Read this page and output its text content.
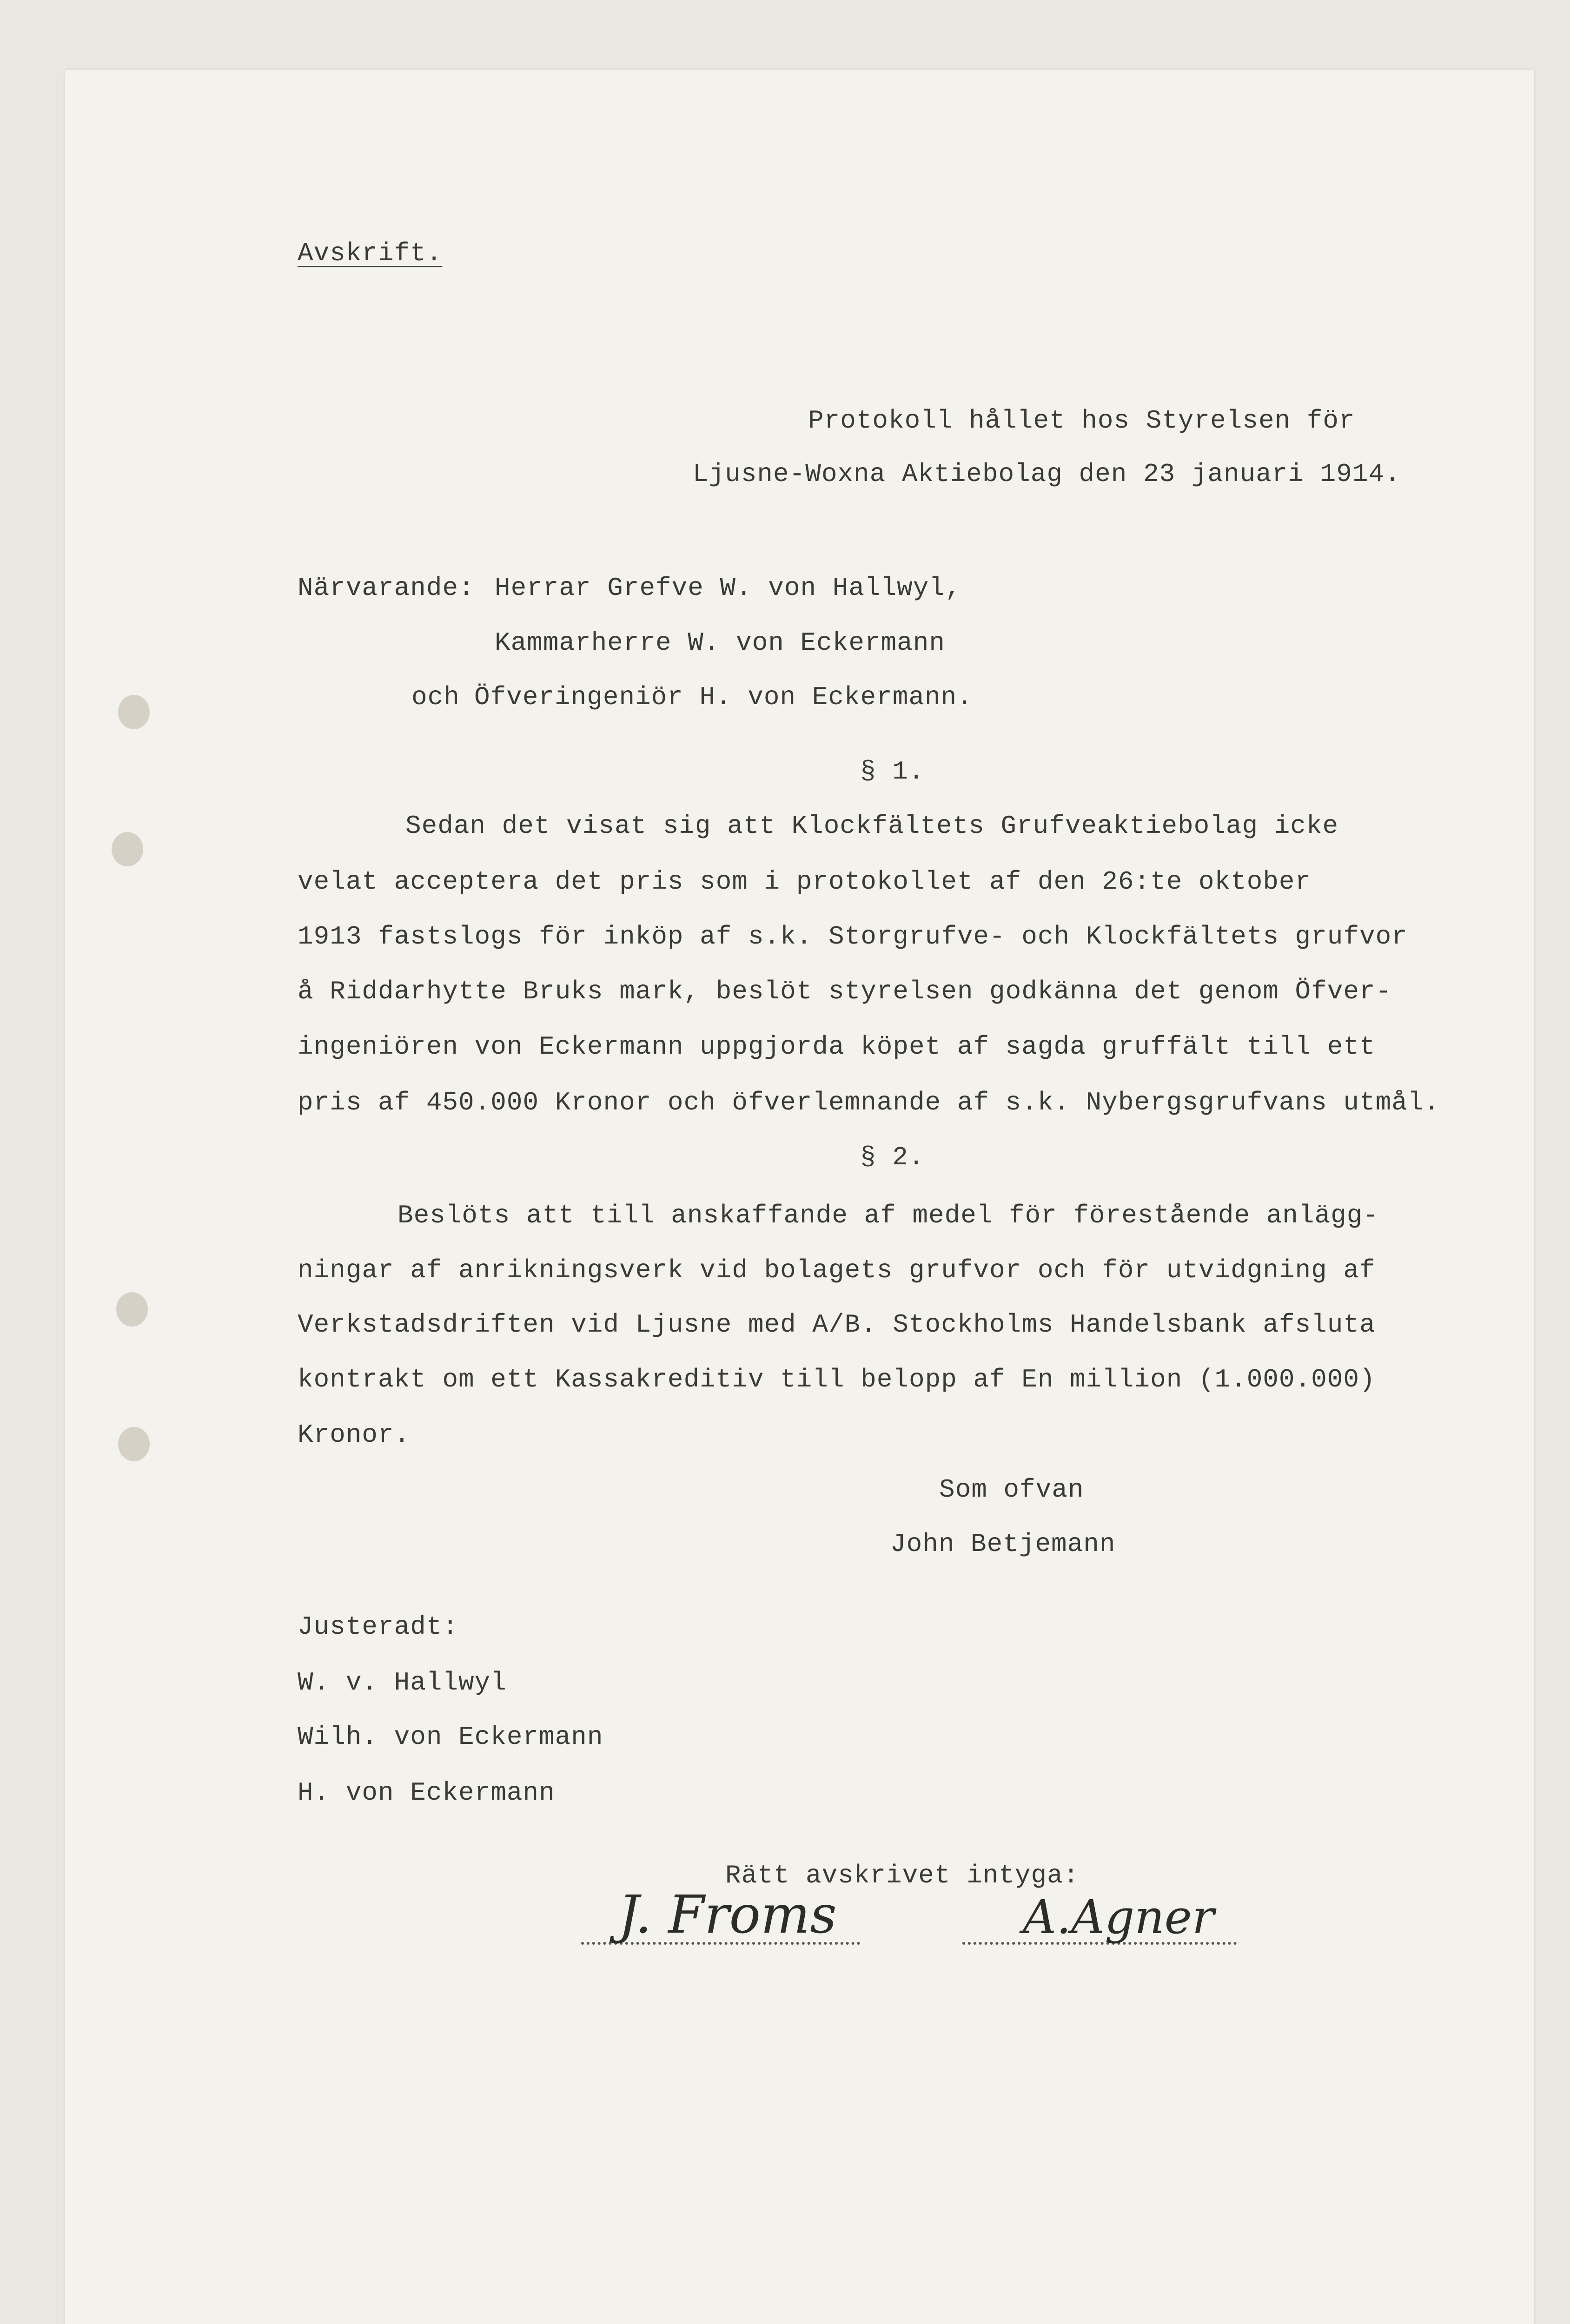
Avskrift.
Protokoll hållet hos Styrelsen för
Ljusne-Woxna Aktiebolag den 23 januari 1914.
Närvarande: Herrar Grefve W. von Hallwyl,
Kammarherre W. von Eckermann
och Öfveringeniör H. von Eckermann.
§ 1.
Sedan det visat sig att Klockfältets Grufveaktiebolag icke
velat acceptera det pris som i protokollet af den 26:te oktober
1913 fastslogs för inköp af s.k. Storgrufve- och Klockfältets grufvor
å Riddarhytte Bruks mark, beslöt styrelsen godkänna det genom Öfver-
ingeniören von Eckermann uppgjorda köpet af sagda gruffält till ett
pris af 450.000 Kronor och öfverlemnande af s.k. Nybergsgrufvans utmål.
§ 2.
Beslöts att till anskaffande af medel för förestående anlägg-
ningar af anrikningsverk vid bolagets grufvor och för utvidgning af
Verkstadsdriften vid Ljusne med A/B. Stockholms Handelsbank afsluta
kontrakt om ett Kassakreditiv till belopp af En million (1.000.000)
Kronor.
Som ofvan
John Betjemann
Justeradt:
W. v. Hallwyl
Wilh. von Eckermann
H. von Eckermann
Rätt avskrivet intyga:
J. Froms	A.Agner
